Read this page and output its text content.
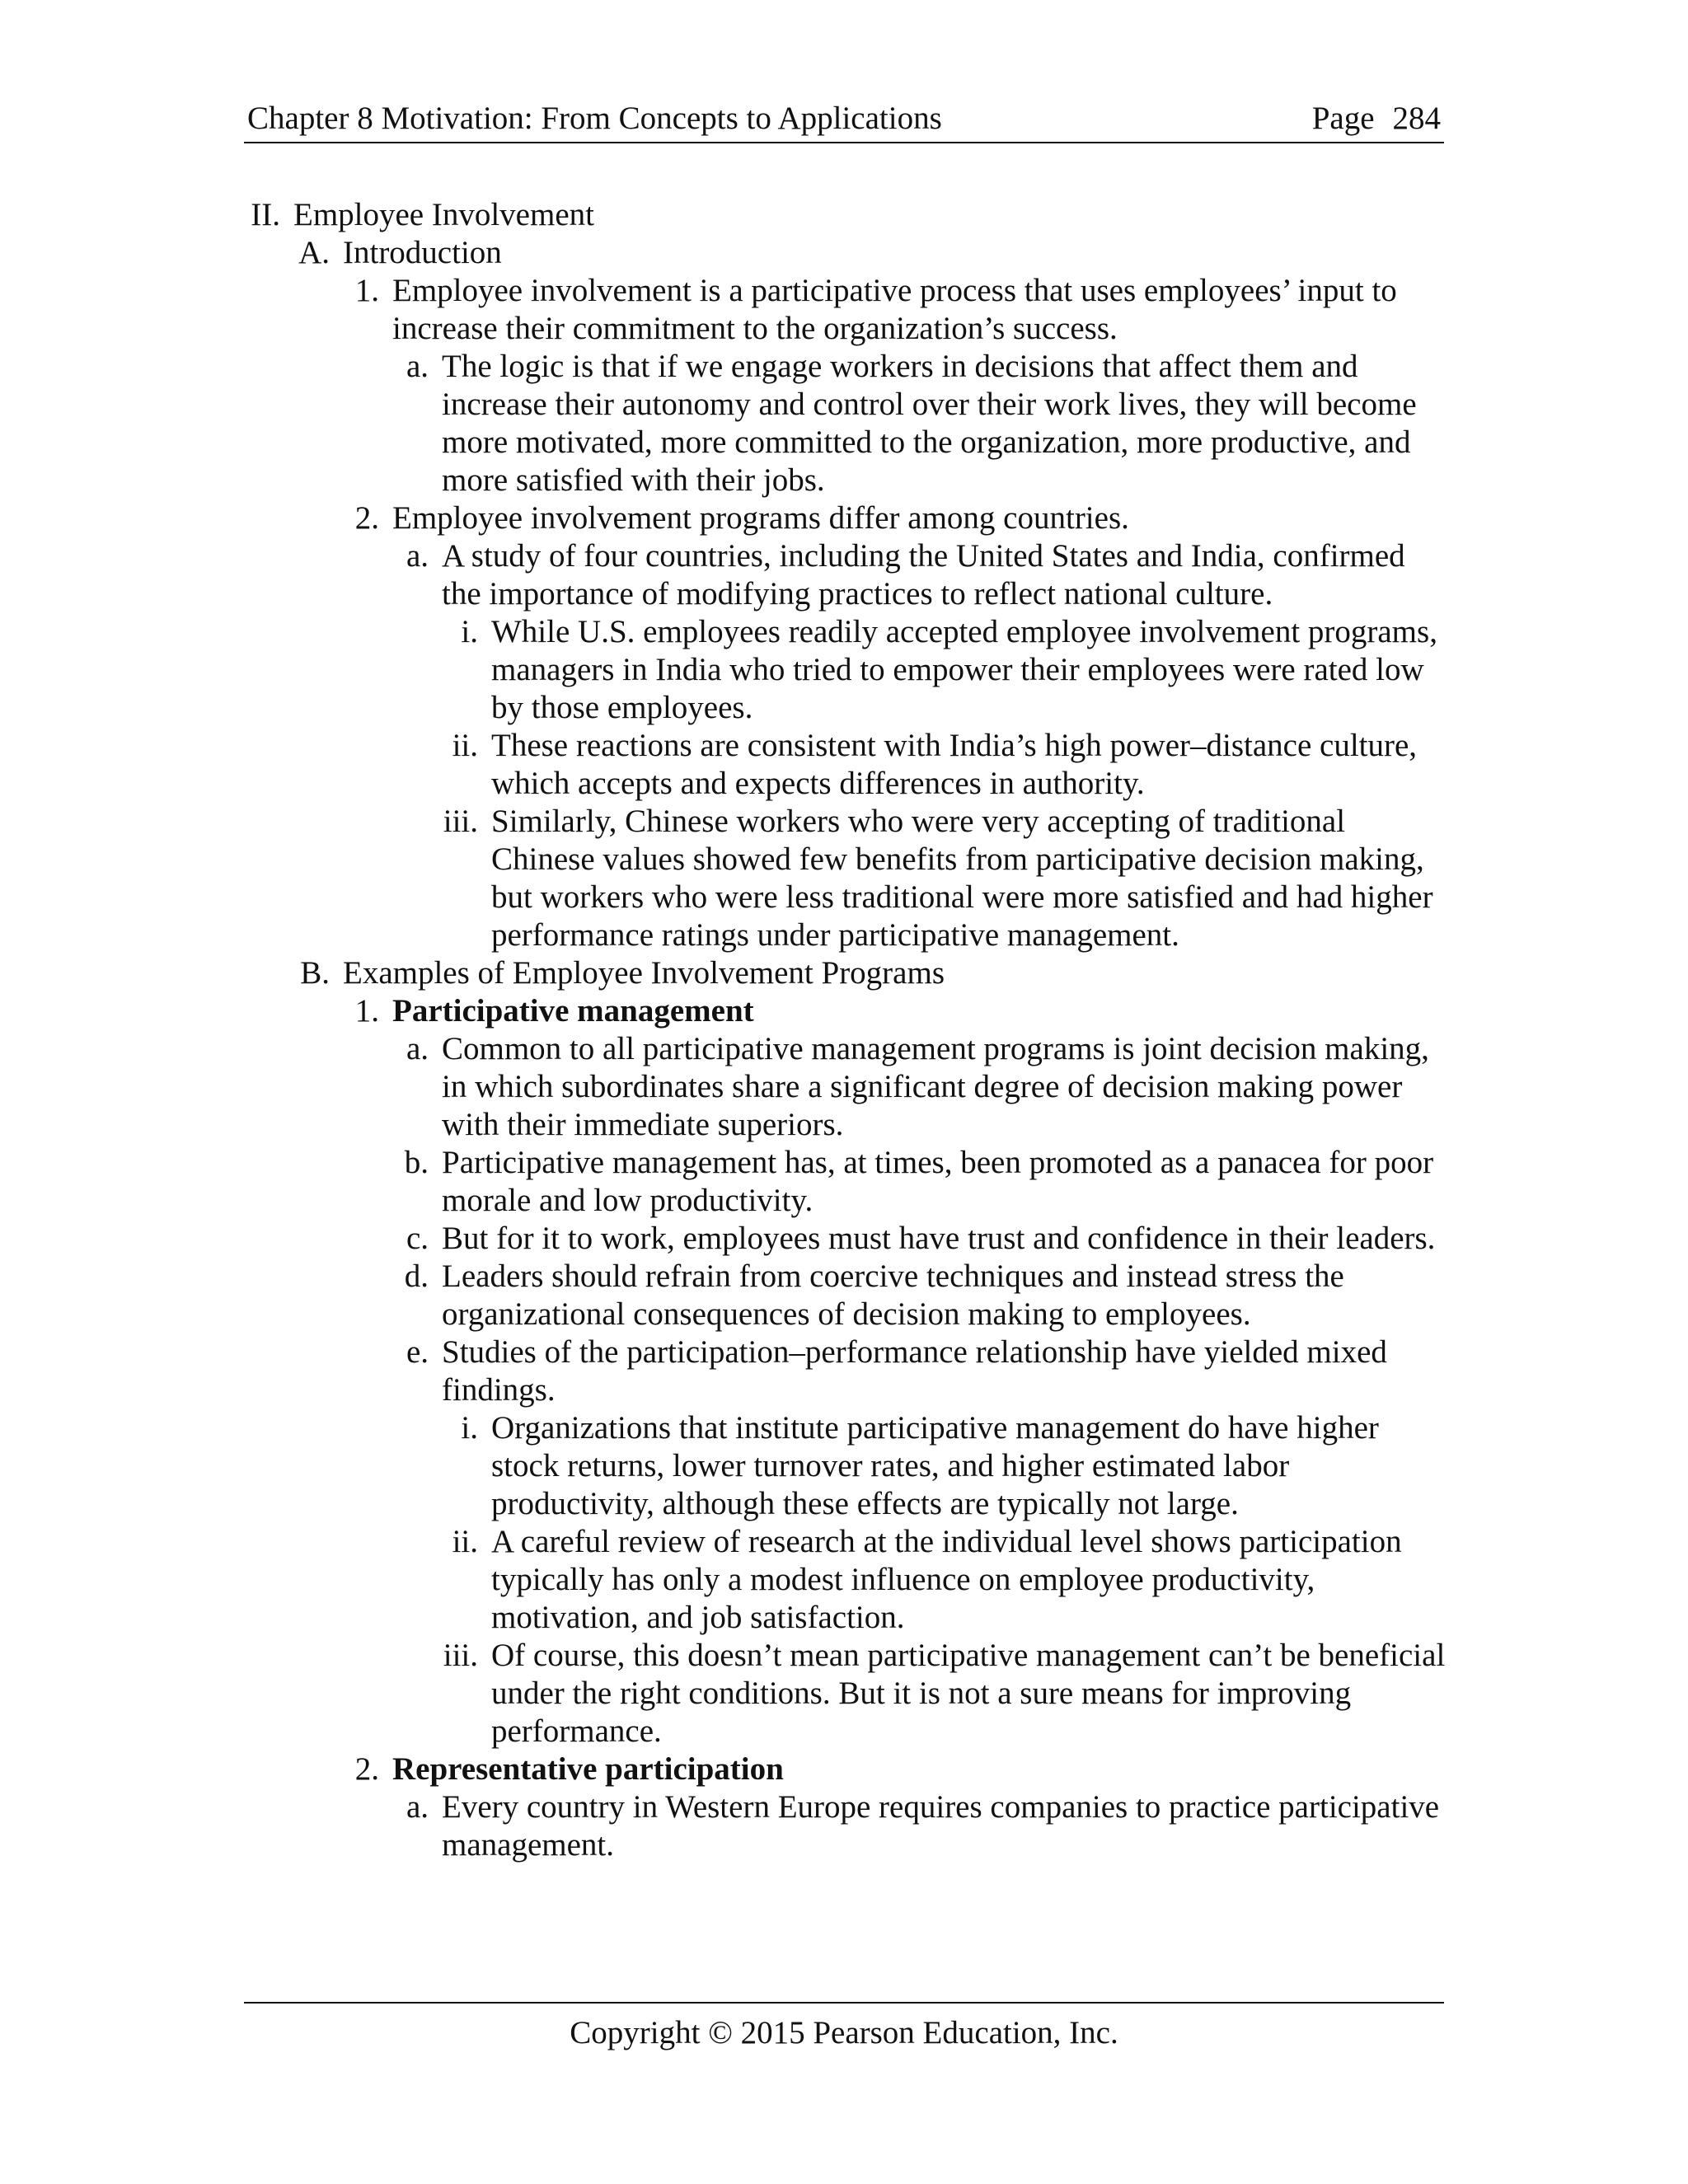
Chapter 8 Motivation: From Concepts to Applications	Page 284
II. Employee Involvement
A. Introduction
1. Employee involvement is a participative process that uses employees’ input to increase their commitment to the organization’s success.
a. The logic is that if we engage workers in decisions that affect them and increase their autonomy and control over their work lives, they will become more motivated, more committed to the organization, more productive, and more satisfied with their jobs.
2. Employee involvement programs differ among countries.
a. A study of four countries, including the United States and India, confirmed the importance of modifying practices to reflect national culture.
i. While U.S. employees readily accepted employee involvement programs, managers in India who tried to empower their employees were rated low by those employees.
ii. These reactions are consistent with India’s high power–distance culture, which accepts and expects differences in authority.
iii. Similarly, Chinese workers who were very accepting of traditional Chinese values showed few benefits from participative decision making, but workers who were less traditional were more satisfied and had higher performance ratings under participative management.
B. Examples of Employee Involvement Programs
1. Participative management
a. Common to all participative management programs is joint decision making, in which subordinates share a significant degree of decision making power with their immediate superiors.
b. Participative management has, at times, been promoted as a panacea for poor morale and low productivity.
c. But for it to work, employees must have trust and confidence in their leaders.
d. Leaders should refrain from coercive techniques and instead stress the organizational consequences of decision making to employees.
e. Studies of the participation–performance relationship have yielded mixed findings.
i. Organizations that institute participative management do have higher stock returns, lower turnover rates, and higher estimated labor productivity, although these effects are typically not large.
ii. A careful review of research at the individual level shows participation typically has only a modest influence on employee productivity, motivation, and job satisfaction.
iii. Of course, this doesn’t mean participative management can’t be beneficial under the right conditions. But it is not a sure means for improving performance.
2. Representative participation
a. Every country in Western Europe requires companies to practice participative management.
Copyright © 2015 Pearson Education, Inc.
